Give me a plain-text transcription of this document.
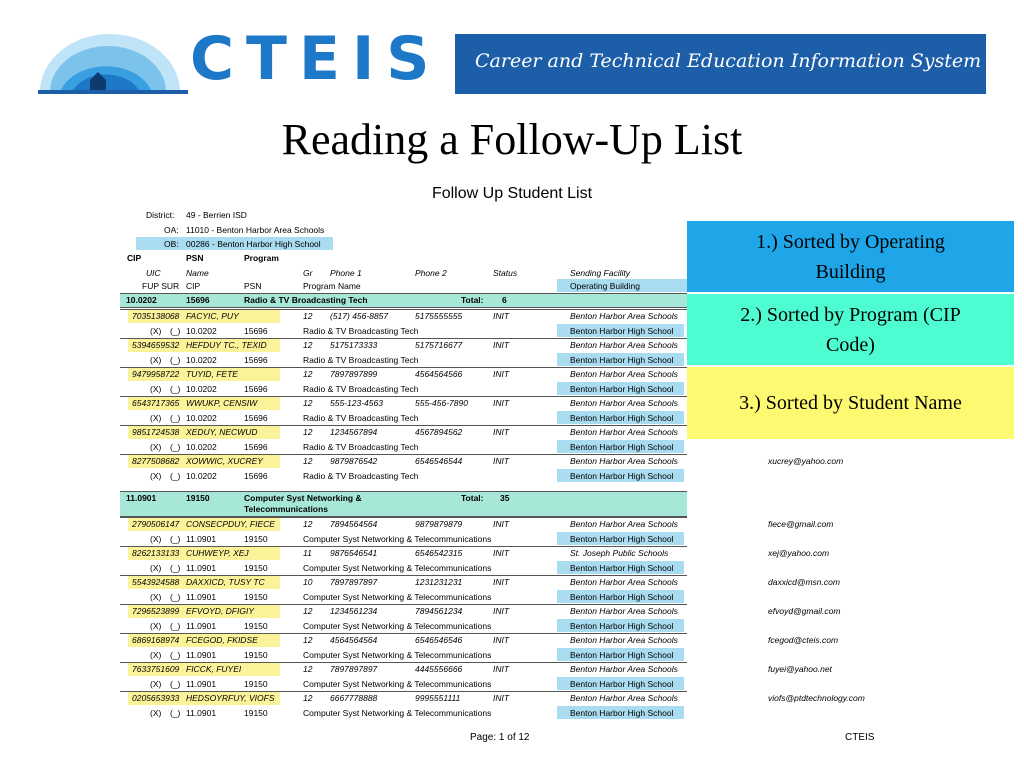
CTEIS Career and Technical Education Information System
Reading a Follow-Up List
Follow Up Student List
District: 49 - Berrien ISD
OA: 11010 - Benton Harbor Area Schools
OB: 00286 - Benton Harbor High School
CIP	PSN	Program
UIC	Name	Gr Phone 1	Phone 2	Status	Sending Facility
FUP SUR CIP	PSN	Program Name	Operating Building
10.0202	15696	Radio & TV Broadcasting Tech	Total: 6
7035138068 FACYIC, PUY	12 (517) 456-8857	5175555555	INIT	Benton Harbor Area Schools
(X) (_) 10.0202	15696	Radio & TV Broadcasting Tech	Benton Harbor High School
5394659532 HEFDUY TC., TEXID	12 5175173333	5175716677	INIT	Benton Harbor Area Schools
(X) (_) 10.0202	15696	Radio & TV Broadcasting Tech	Benton Harbor High School
9479958722 TUYID, FETE	12 7897897899	4564564566	INIT	Benton Harbor Area Schools
(X) (_) 10.0202	15696	Radio & TV Broadcasting Tech	Benton Harbor High School
6543717365 WWUKP, CENSIW	12 555-123-4563	555-456-7890	INIT	Benton Harbor Area Schools
(X) (_) 10.0202	15696	Radio & TV Broadcasting Tech	Benton Harbor High School
9851724538 XEDUY, NECWUD	12 1234567894	4567894562	INIT	Benton Harbor Area Schools
(X) (_) 10.0202	15696	Radio & TV Broadcasting Tech	Benton Harbor High School
8277508682 XOWWIC, XUCREY	12 9879876542	6546546544	INIT	Benton Harbor Area Schools	xucrey@yahoo.com
(X) (_) 10.0202	15696	Radio & TV Broadcasting Tech	Benton Harbor High School
11.0901	19150	Computer Syst Networking & Telecommunications
Total: 35
2790506147 CONSECPDUY, FIECE	12 7894564564	9879879879	INIT	Benton Harbor Area Schools	fiece@gmail.com
(X) (_) 11.0901	19150	Computer Syst Networking & Telecommunications	Benton Harbor High School
8262133133 CUHWEYP, XEJ	11 9876546541	6546542315	INIT	St. Joseph Public Schools	xej@yahoo.com
(X) (_) 11.0901	19150	Computer Syst Networking & Telecommunications	Benton Harbor High School
5543924588 DAXXICD, TUSY TC	10 7897897897	1231231231	INIT	Benton Harbor Area Schools	daxxicd@msn.com
(X) (_) 11.0901	19150	Computer Syst Networking & Telecommunications	Benton Harbor High School
7296523899 EFVOYD, DFIGIY	12 1234561234	7894561234	INIT	Benton Harbor Area Schools	efvoyd@gmail.com
(X) (_) 11.0901	19150	Computer Syst Networking & Telecommunications	Benton Harbor High School
6869168974 FCEGOD, FKIDSE	12 4564564564	6546546546	INIT	Benton Harbor Area Schools	fcegod@cteis.com
(X) (_) 11.0901	19150	Computer Syst Networking & Telecommunications	Benton Harbor High School
7633751609 FICCK, FUYEI	12 7897897897	4445556666	INIT	Benton Harbor Area Schools	fuyei@yahoo.net
(X) (_) 11.0901	19150	Computer Syst Networking & Telecommunications	Benton Harbor High School
0205653933 HEDSOYRFUY, VIOFS	12 6667778888	9995551111	INIT	Benton Harbor Area Schools	viofs@ptdtechnology.com
(X) (_) 11.0901	19150	Computer Syst Networking & Telecommunications	Benton Harbor High School
Page: 1 of 12	CTEIS
1.) Sorted by Operating Building
2.) Sorted by Program (CIP Code)
3.) Sorted by Student Name
